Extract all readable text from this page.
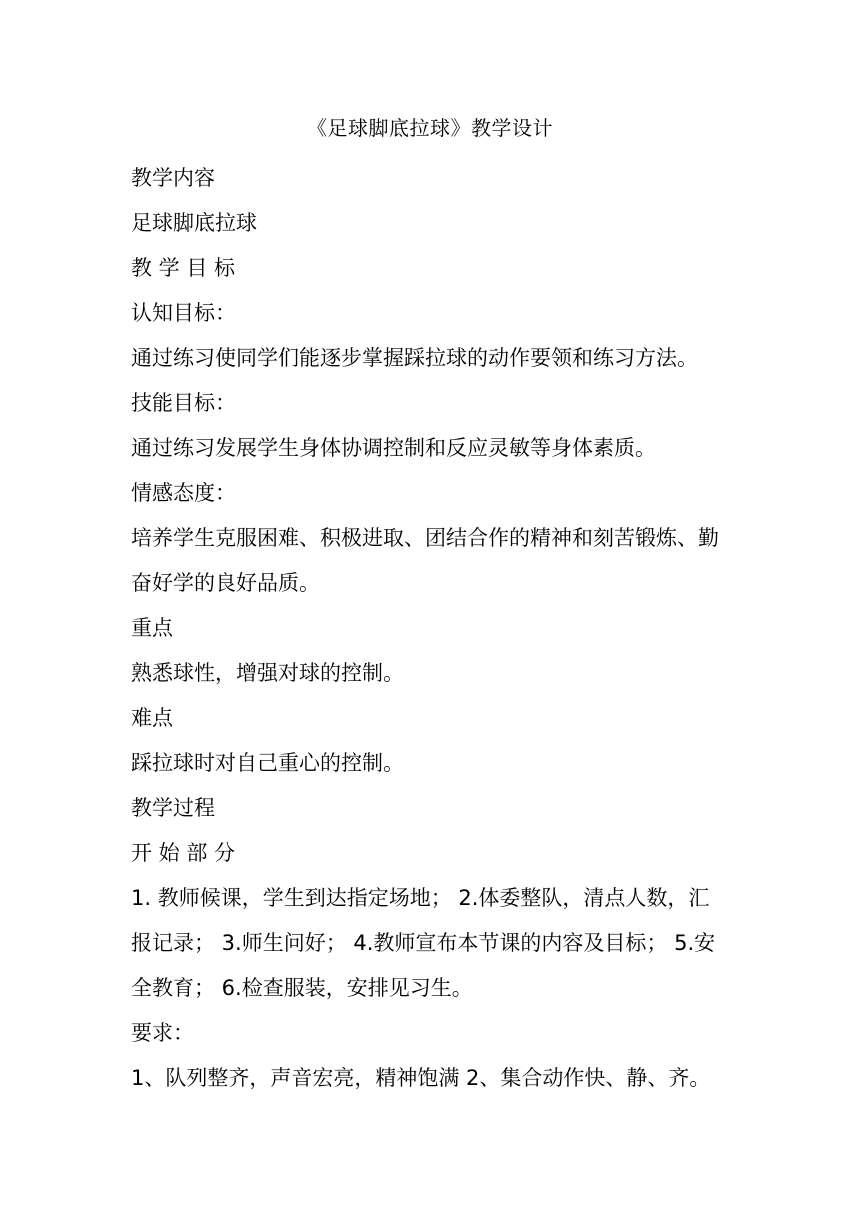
《足球脚底拉球》教学设计
教学内容
足球脚底拉球
教 学 目 标
认知目标：
通过练习使同学们能逐步掌握踩拉球的动作要领和练习方法。
技能目标：
通过练习发展学生身体协调控制和反应灵敏等身体素质。
情感态度：
培养学生克服困难、积极进取、团结合作的精神和刻苦锻炼、勤
奋好学的良好品质。
重点
熟悉球性，增强对球的控制。
难点
踩拉球时对自己重心的控制。
教学过程
开 始 部 分
1. 教师候课，学生到达指定场地； 2.体委整队，清点人数，汇
报记录； 3.师生问好； 4.教师宣布本节课的内容及目标； 5.安
全教育； 6.检查服装，安排见习生。
要求：
1、队列整齐，声音宏亮，精神饱满 2、集合动作快、静、齐。
